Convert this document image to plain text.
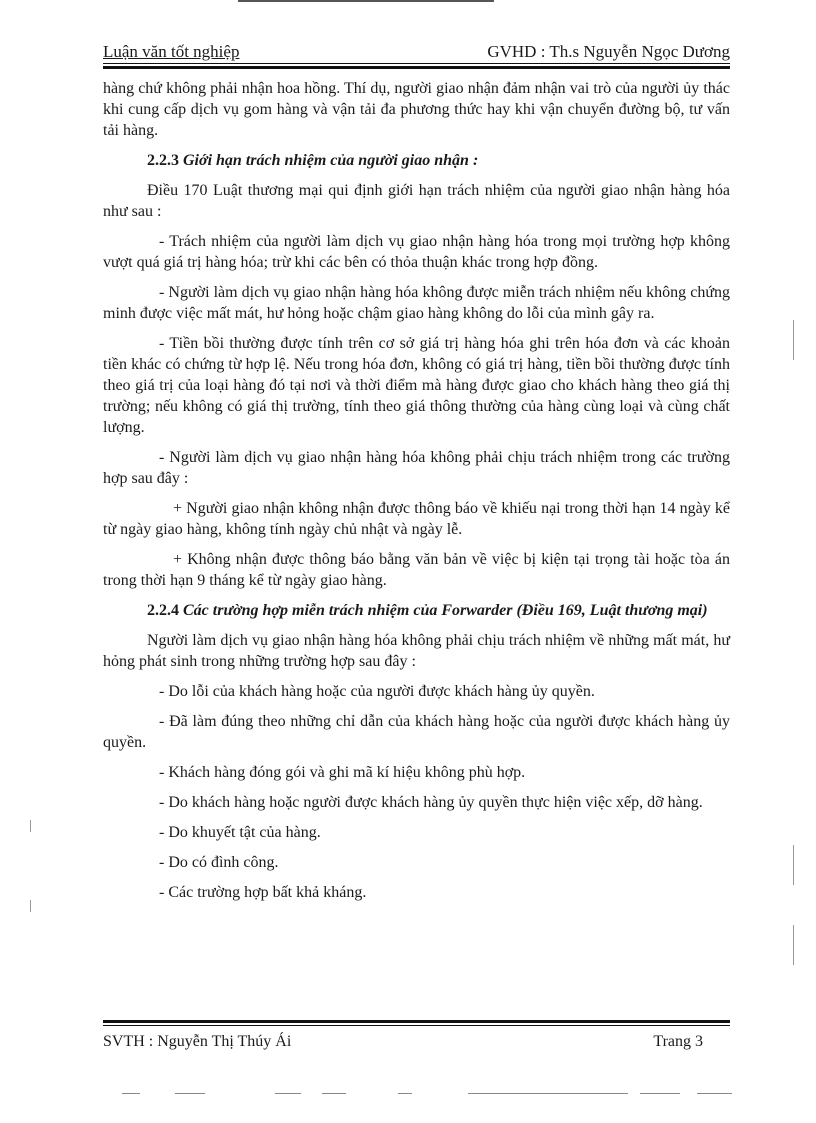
Luận văn tốt nghiệp	GVHD : Th.s Nguyễn Ngọc Dương

hàng chứ không phải nhận hoa hồng. Thí dụ, người giao nhận đảm nhận vai trò của người ủy thác khi cung cấp dịch vụ gom hàng và vận tải đa phương thức hay khi vận chuyển đường bộ, tư vấn tải hàng.

2.2.3 Giới hạn trách nhiệm của người giao nhận :

Điều 170 Luật thương mại qui định giới hạn trách nhiệm của người giao nhận hàng hóa như sau :

- Trách nhiệm của người làm dịch vụ giao nhận hàng hóa trong mọi trường hợp không vượt quá giá trị hàng hóa; trừ khi các bên có thỏa thuận khác trong hợp đồng.

- Người làm dịch vụ giao nhận hàng hóa không được miễn trách nhiệm nếu không chứng minh được việc mất mát, hư hỏng hoặc chậm giao hàng không do lỗi của mình gây ra.

- Tiền bồi thường được tính trên cơ sở giá trị hàng hóa ghi trên hóa đơn và các khoản tiền khác có chứng từ hợp lệ. Nếu trong hóa đơn, không có giá trị hàng, tiền bồi thường được tính theo giá trị của loại hàng đó tại nơi và thời điểm mà hàng được giao cho khách hàng theo giá thị trường; nếu không có giá thị trường, tính theo giá thông thường của hàng cùng loại và cùng chất lượng.

- Người làm dịch vụ giao nhận hàng hóa không phải chịu trách nhiệm trong các trường hợp sau đây :

+ Người giao nhận không nhận được thông báo về khiếu nại trong thời hạn 14 ngày kể từ ngày giao hàng, không tính ngày chủ nhật và ngày lễ.

+ Không nhận được thông báo bằng văn bản về việc bị kiện tại trọng tài hoặc tòa án trong thời hạn 9 tháng kể từ ngày giao hàng.

2.2.4 Các trường hợp miễn trách nhiệm của Forwarder (Điều 169, Luật thương mại)

Người làm dịch vụ giao nhận hàng hóa không phải chịu trách nhiệm về những mất mát, hư hỏng phát sinh trong những trường hợp sau đây :

- Do lỗi của khách hàng hoặc của người được khách hàng ủy quyền.

- Đã làm đúng theo những chỉ dẫn của khách hàng hoặc của người được khách hàng ủy quyền.

- Khách hàng đóng gói và ghi mã kí hiệu không phù hợp.

- Do khách hàng hoặc người được khách hàng ủy quyền thực hiện việc xếp, dỡ hàng.

- Do khuyết tật của hàng.

- Do có đình công.

- Các trường hợp bất khả kháng.

SVTH : Nguyễn Thị Thúy Ái	Trang 3
